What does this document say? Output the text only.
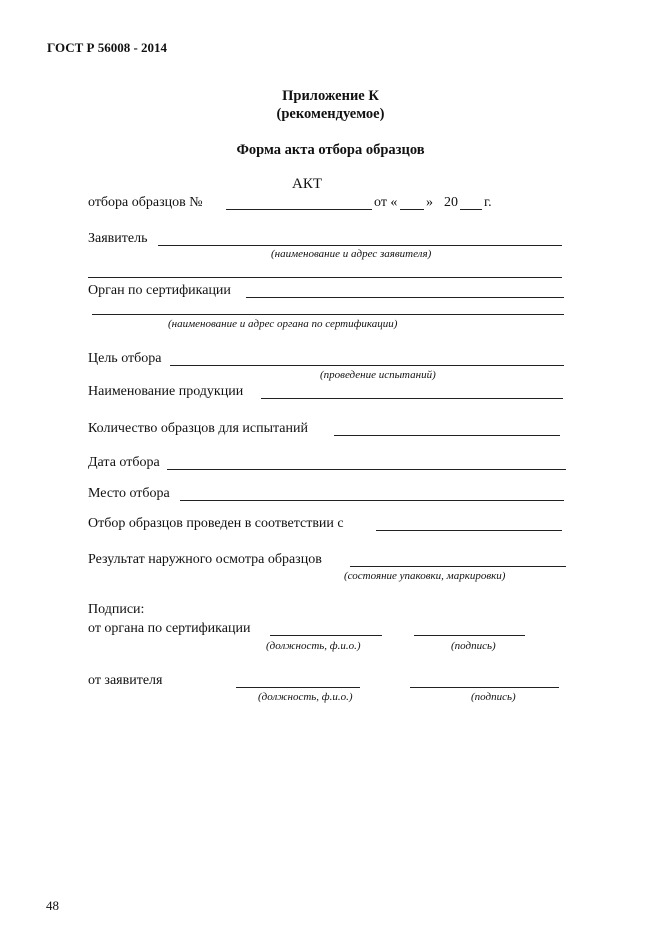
ГОСТ Р 56008 - 2014
Приложение К
(рекомендуемое)
Форма акта отбора образцов
АКТ
отбора образцов №	от « » 20 г.
Заявитель
(наименование и адрес заявителя)
Орган по сертификации
(наименование и адрес органа по сертификации)
Цель отбора
(проведение испытаний)
Наименование продукции
Количество образцов для испытаний
Дата отбора
Место отбора
Отбор образцов проведен в соответствии с
Результат наружного осмотра образцов
(состояние упаковки, маркировки)
Подписи:
от органа по сертификации
(должность, ф.и.о.)	(подпись)
от заявителя
(должность, ф.и.о.)	(подпись)
48
